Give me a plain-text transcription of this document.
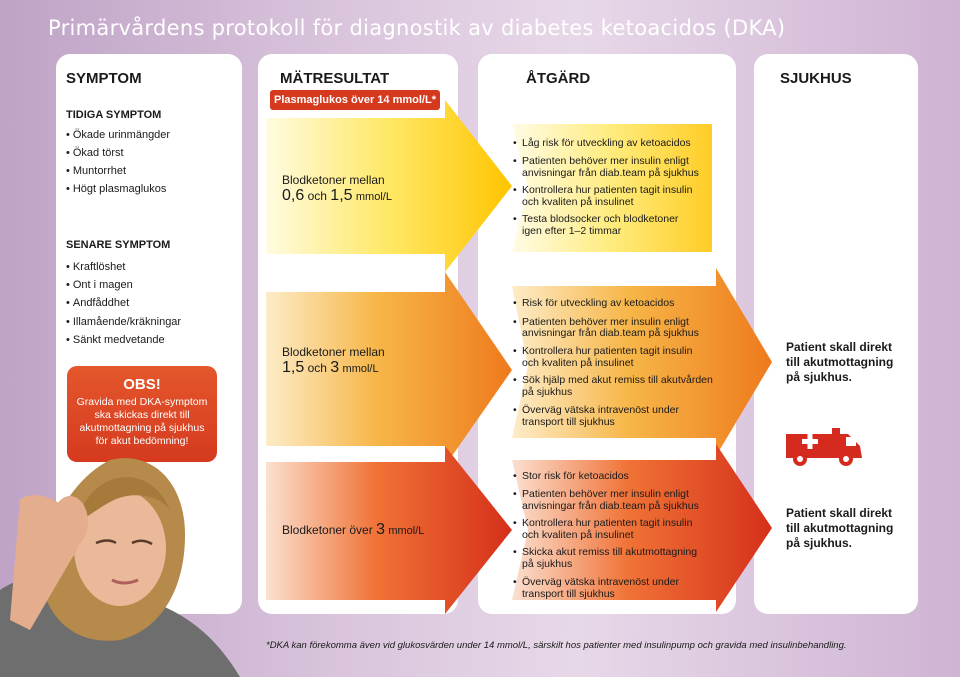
Primärvårdens protokoll för diagnostik av diabetes ketoacidos (DKA)
SYMPTOM	MÄTRESULTAT	ÅTGÄRD	SJUKHUS
TIDIGA SYMPTOM
• Ökade urinmängder
• Ökad törst
• Muntorrhet
• Högt plasmaglukos
SENARE SYMPTOM
• Kraftlöshet
• Ont i magen
• Andfåddhet
• Illamående/kräkningar
• Sänkt medvetande
OBS!
Gravida med DKA-symptom ska skickas direkt till akutmottagning på sjukhus för akut bedömning!
Plasmaglukos över 14 mmol/L*
Blodketoner mellan
0,6 och 1,5 mmol/L
Blodketoner mellan
1,5 och 3 mmol/L
Blodketoner över 3 mmol/L
• Låg risk för utveckling av ketoacidos
• Patienten behöver mer insulin enligt
anvisningar från diab.team på sjukhus
• Kontrollera hur patienten tagit insulin
och kvaliten på insulinet
• Testa blodsocker och blodketoner
igen efter 1–2 timmar
• Risk för utveckling av ketoacidos
• Patienten behöver mer insulin enligt
anvisningar från diab.team på sjukhus
• Kontrollera hur patienten tagit insulin
och kvaliten på insulinet
• Sök hjälp med akut remiss till akutvården
på sjukhus
• Överväg vätska intravenöst under
transport till sjukhus
• Stor risk för ketoacidos
• Patienten behöver mer insulin enligt
anvisningar från diab.team på sjukhus
• Kontrollera hur patienten tagit insulin
och kvaliten på insulinet
• Skicka akut remiss till akutmottagning
på sjukhus
• Överväg vätska intravenöst under
transport till sjukhus
Patient skall direkt
till akutmottagning
på sjukhus.
Patient skall direkt
till akutmottagning
på sjukhus.
*DKA kan förekomma även vid glukosvärden under 14 mmol/L, särskilt hos patienter med insulinpump och gravida med insulinbehandling.
